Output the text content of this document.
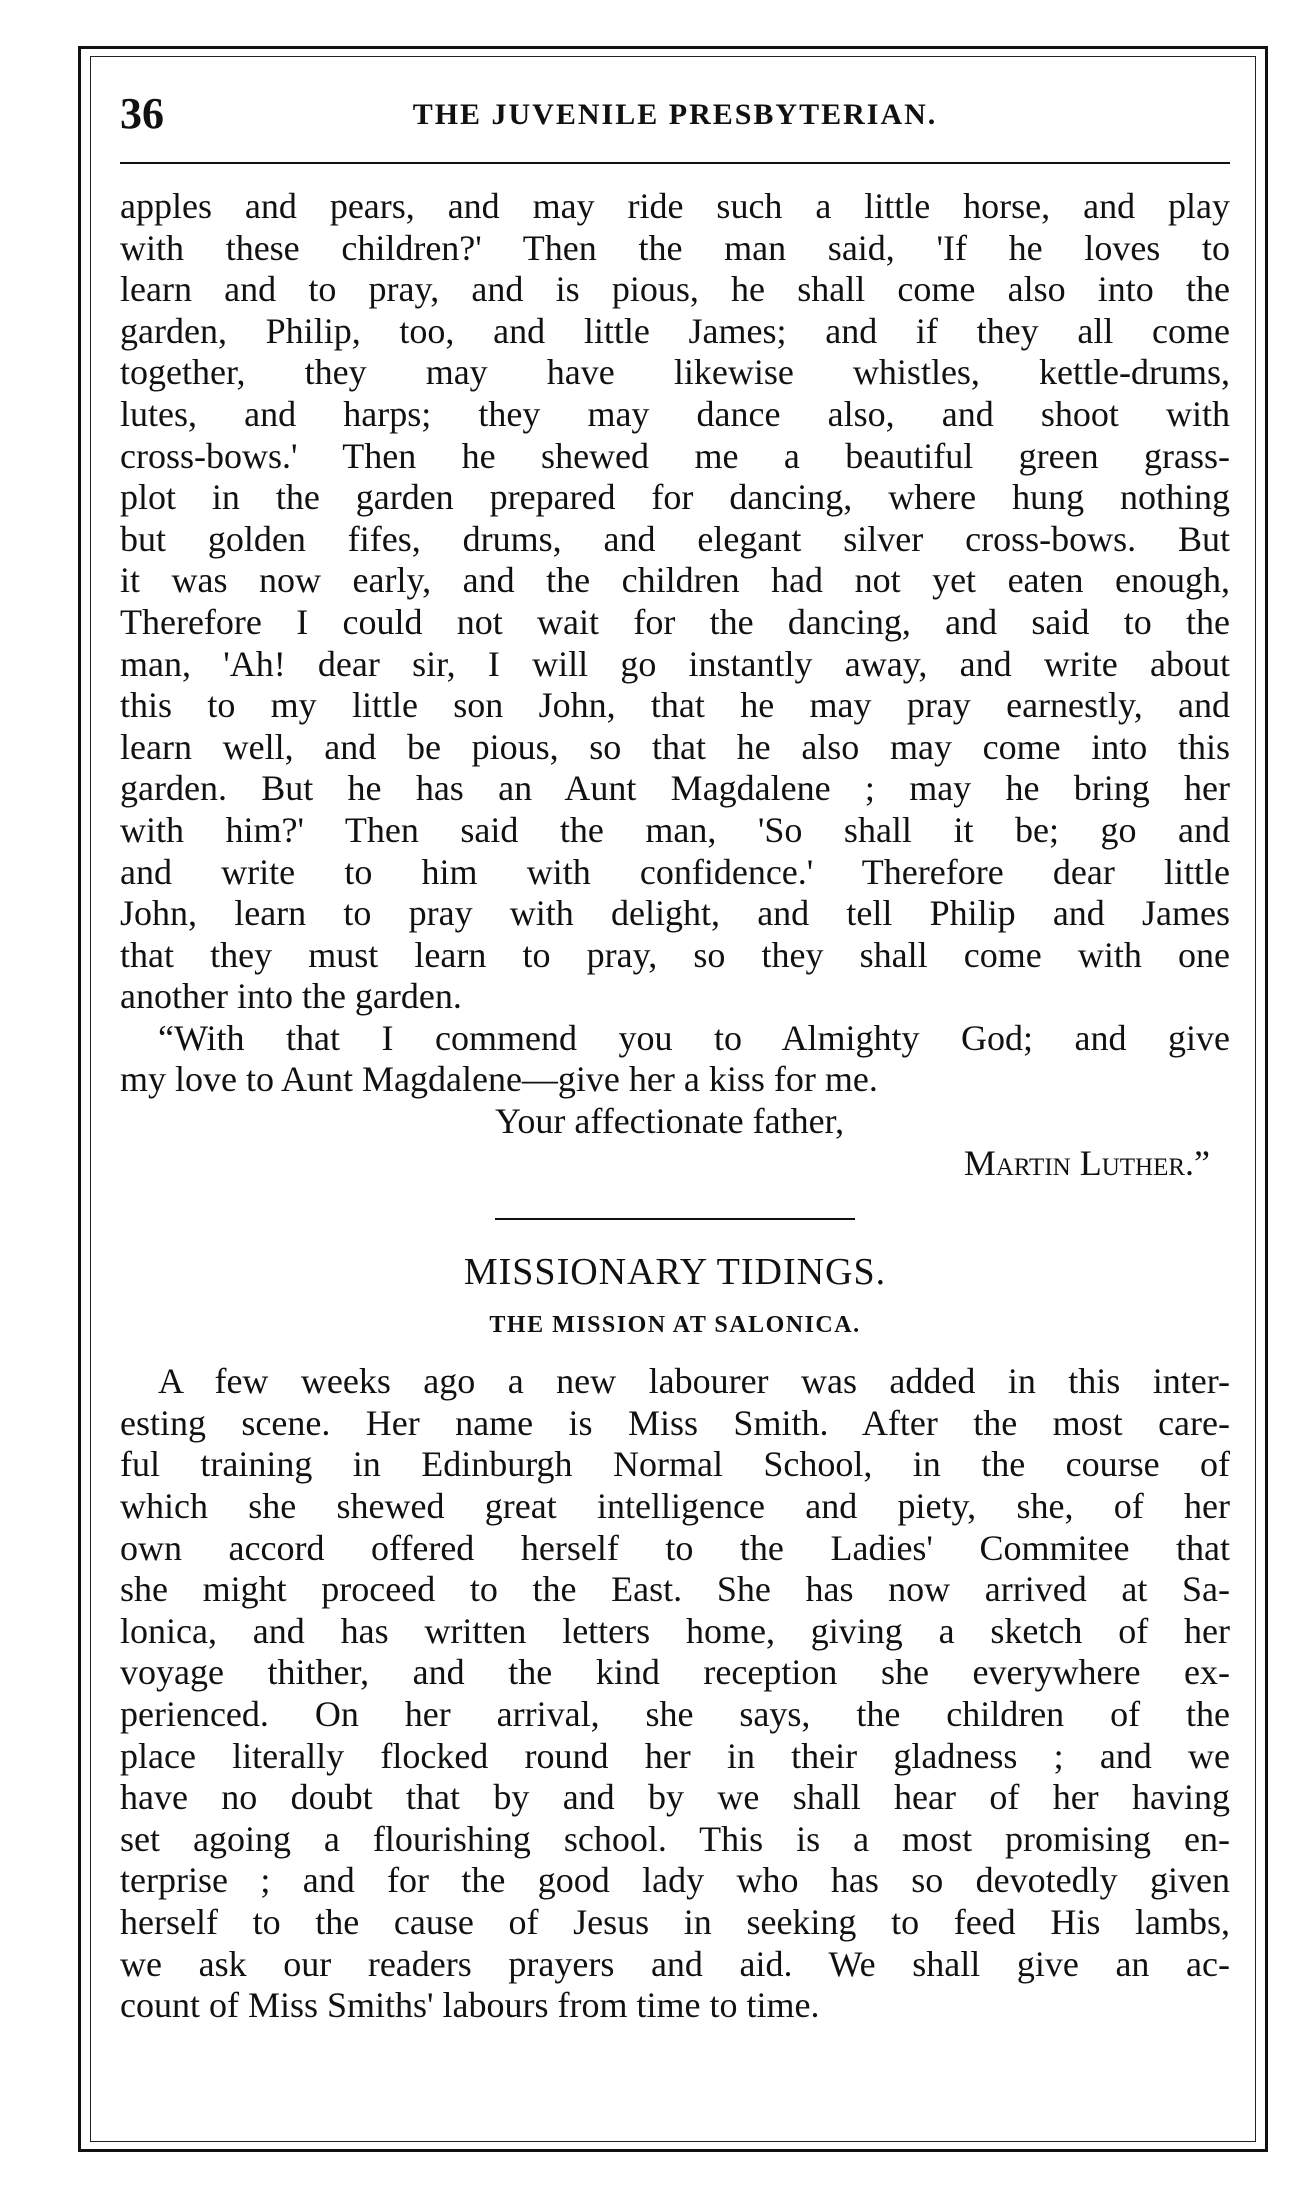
36	THE JUVENILE PRESBYTERIAN.
apples and pears, and may ride such a little horse, and play
with these children?' Then the man said, 'If he loves to
learn and to pray, and is pious, he shall come also into the
garden, Philip, too, and little James; and if they all come
together, they may have likewise whistles, kettle-drums,
lutes, and harps; they may dance also, and shoot with
cross-bows.' Then he shewed me a beautiful green grass-
plot in the garden prepared for dancing, where hung nothing
but golden fifes, drums, and elegant silver cross-bows. But
it was now early, and the children had not yet eaten enough,
Therefore I could not wait for the dancing, and said to the
man, 'Ah! dear sir, I will go instantly away, and write about
this to my little son John, that he may pray earnestly, and
learn well, and be pious, so that he also may come into this
garden. But he has an Aunt Magdalene ; may he bring her
with him?' Then said the man, 'So shall it be; go and
and write to him with confidence.' Therefore dear little
John, learn to pray with delight, and tell Philip and James
that they must learn to pray, so they shall come with one
another into the garden.
“With that I commend you to Almighty God; and give
my love to Aunt Magdalene—give her a kiss for me.
Your affectionate father,
Martin Luther.”
MISSIONARY TIDINGS.
THE MISSION AT SALONICA.
A few weeks ago a new labourer was added in this inter-
esting scene. Her name is Miss Smith. After the most care-
ful training in Edinburgh Normal School, in the course of
which she shewed great intelligence and piety, she, of her
own accord offered herself to the Ladies' Commitee that
she might proceed to the East. She has now arrived at Sa-
lonica, and has written letters home, giving a sketch of her
voyage thither, and the kind reception she everywhere ex-
perienced. On her arrival, she says, the children of the
place literally flocked round her in their gladness ; and we
have no doubt that by and by we shall hear of her having
set agoing a flourishing school. This is a most promising en-
terprise ; and for the good lady who has so devotedly given
herself to the cause of Jesus in seeking to feed His lambs,
we ask our readers prayers and aid. We shall give an ac-
count of Miss Smiths' labours from time to time.
